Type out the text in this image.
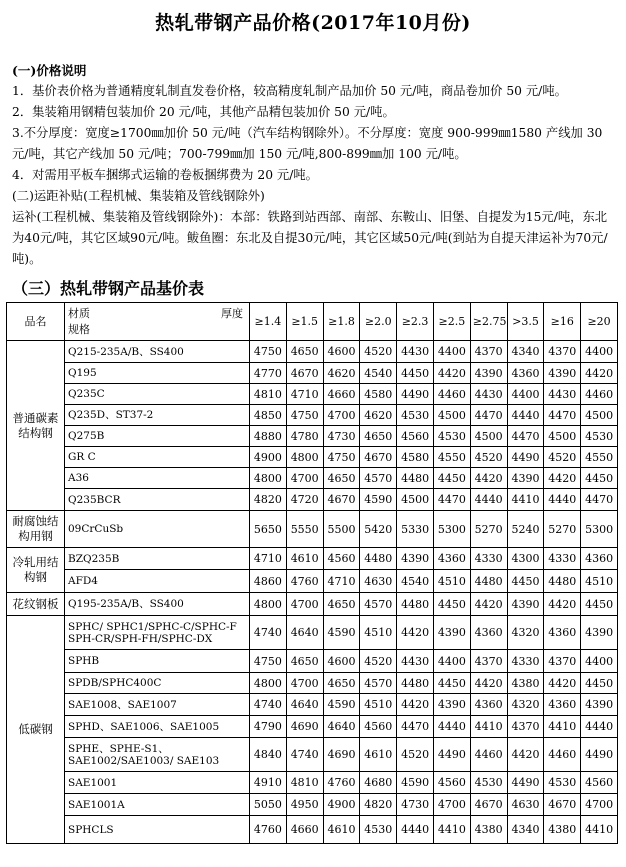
热轧带钢产品价格(2017年10月份)

(一)价格说明

1．基价表价格为普通精度轧制直发卷价格，较高精度轧制产品加价 50 元/吨，商品卷加价 50 元/吨。

2．集装箱用钢精包装加价 20 元/吨，其他产品精包装加价 50 元/吨。

3.不分厚度：宽度≥1700㎜加价 50 元/吨（汽车结构钢除外）。不分厚度：宽度 900-999㎜1580 产线加 30 元/吨，其它产线加 50 元/吨；700-799㎜加 150 元/吨,800-899㎜加 100 元/吨。

4．对需用平板车捆绑式运输的卷板捆绑费为 20 元/吨。

(二)运距补贴(工程机械、集装箱及管线钢除外)

运补(工程机械、集装箱及管线钢除外)：本部：铁路到站西部、南部、东鞍山、旧堡、自提发为15元/吨，东北为40元/吨，其它区域90元/吨。鲅鱼圈：东北及自提30元/吨，其它区域50元/吨(到站为自提天津运补为70元/吨)。

（三）热轧带钢产品基价表
品名	材质 厚度
规格	≥1.4	≥1.5	≥1.8	≥2.0	≥2.3	≥2.5	≥2.75	>3.5	≥16	≥20
普通碳素结构钢	Q215-235A/B、SS400	4750	4650	4600	4520	4430	4400	4370	4340	4370	4400
	Q195	4770	4670	4620	4540	4450	4420	4390	4360	4390	4420
	Q235C	4810	4710	4660	4580	4490	4460	4430	4400	4430	4460
	Q235D、ST37-2	4850	4750	4700	4620	4530	4500	4470	4440	4470	4500
	Q275B	4880	4780	4730	4650	4560	4530	4500	4470	4500	4530
	GR C	4900	4800	4750	4670	4580	4550	4520	4490	4520	4550
	A36	4800	4700	4650	4570	4480	4450	4420	4390	4420	4450
	Q235BCR	4820	4720	4670	4590	4500	4470	4440	4410	4440	4470
耐腐蚀结构用钢	09CrCuSb	5650	5550	5500	5420	5330	5300	5270	5240	5270	5300
冷轧用结构钢	BZQ235B	4710	4610	4560	4480	4390	4360	4330	4300	4330	4360
	AFD4	4860	4760	4710	4630	4540	4510	4480	4450	4480	4510
花纹钢板	Q195-235A/B、SS400	4800	4700	4650	4570	4480	4450	4420	4390	4420	4450
低碳钢	SPHC/ SPHC1/SPHC-C/SPHC-F SPH-CR/SPH-FH/SPHC-DX	4740	4640	4590	4510	4420	4390	4360	4320	4360	4390
	SPHB	4750	4650	4600	4520	4430	4400	4370	4330	4370	4400
	SPDB/SPHC400C	4800	4700	4650	4570	4480	4450	4420	4380	4420	4450
	SAE1008、SAE1007	4740	4640	4590	4510	4420	4390	4360	4320	4360	4390
	SPHD、SAE1006、SAE1005	4790	4690	4640	4560	4470	4440	4410	4370	4410	4440
	SPHE、SPHE-S1、SAE1002/SAE1003/ SAE103	4840	4740	4690	4610	4520	4490	4460	4420	4460	4490
	SAE1001	4910	4810	4760	4680	4590	4560	4530	4490	4530	4560
	SAE1001A	5050	4950	4900	4820	4730	4700	4670	4630	4670	4700
	SPHCLS	4760	4660	4610	4530	4440	4410	4380	4340	4380	4410
